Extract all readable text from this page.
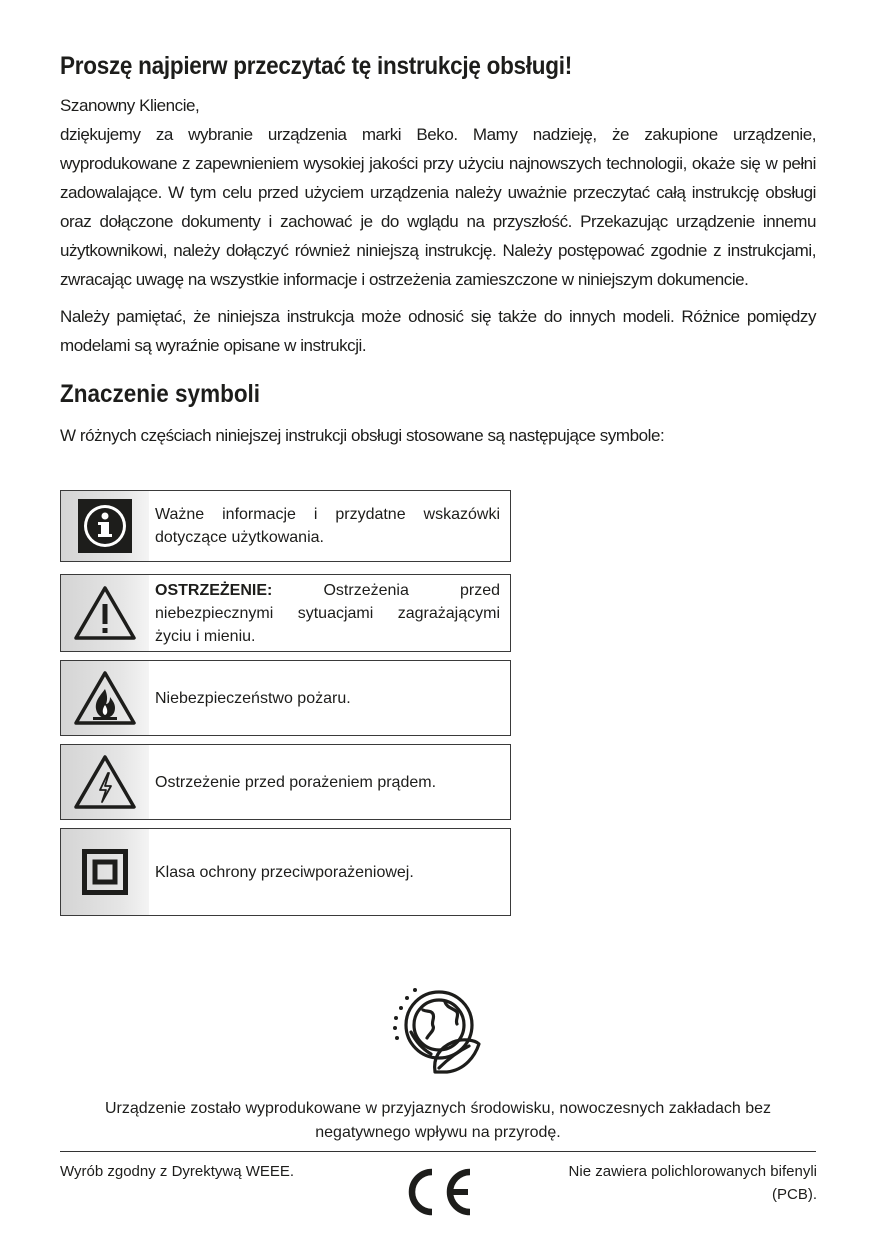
Proszę najpierw przeczytać tę instrukcję obsługi!

Szanowny Kliencie,

dziękujemy za wybranie urządzenia marki Beko. Mamy nadzieję, że zakupione urządzenie, wyprodukowane z zapewnieniem wysokiej jakości przy użyciu najnowszych technologii, okaże się w pełni zadowalające. W tym celu przed użyciem urządzenia należy uważnie przeczytać całą instrukcję obsługi oraz dołączone dokumenty i zachować je do wglądu na przyszłość. Przekazując urządzenie innemu użytkownikowi, należy dołączyć również niniejszą instrukcję. Należy postępować zgodnie z instrukcjami, zwracając uwagę na wszystkie informacje i ostrzeżenia zamieszczone w niniejszym dokumencie.

Należy pamiętać, że niniejsza instrukcja może odnosić się także do innych modeli. Różnice pomiędzy modelami są wyraźnie opisane w instrukcji.

Znaczenie symboli

W różnych częściach niniejszej instrukcji obsługi stosowane są następujące symbole:

Ważne informacje i przydatne wskazówki dotyczące użytkowania.
OSTRZEŻENIE:	Ostrzeżenia przed niebezpiecznymi sytuacjami zagrażającymi życiu i mieniu.
Niebezpieczeństwo pożaru.
Ostrzeżenie przed porażeniem prądem.
Klasa ochrony przeciwporażeniowej.
Urządzenie zostało wyprodukowane w przyjaznych środowisku, nowoczesnych zakładach bez negatywnego wpływu na przyrodę.
Wyrób zgodny z Dyrektywą WEEE.
CE
Nie zawiera polichlorowanych bifenyli (PCB).
